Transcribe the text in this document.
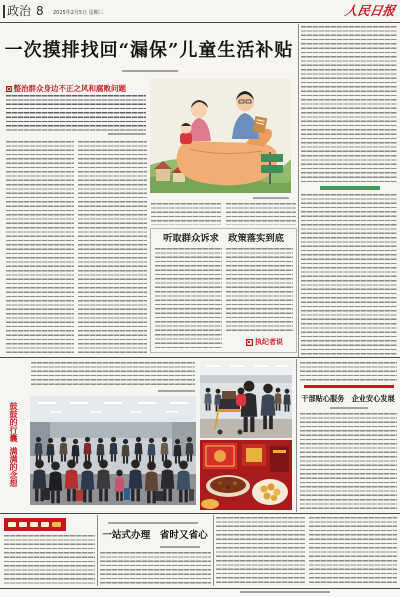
政治 8 2025年2月5日 星期三	人民日报
一次摸排找回“漏保”儿童生活补贴
整治群众身边不正之风和腐败问题
听取群众诉求　政策落实到底
执纪者说
鼓鼓的行囊
满满的念想
干部贴心服务　企业安心发展
一站式办理　省时又省心
